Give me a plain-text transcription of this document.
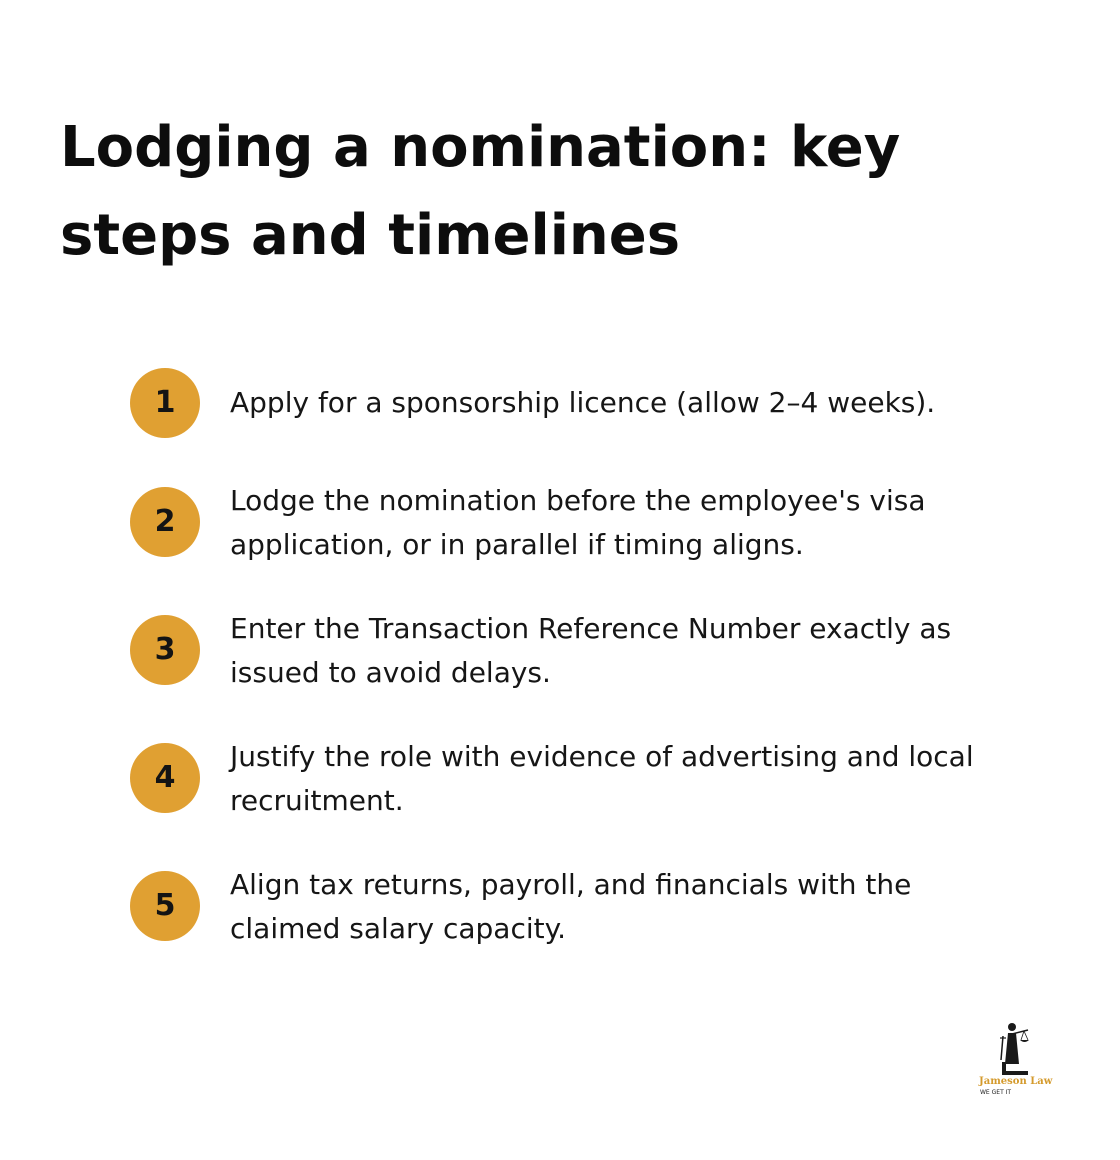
Lodging a nomination: key steps and timelines
1	Apply for a sponsorship licence (allow 2–4 weeks).

2

Lodge the nomination before the employee's visa application, or in parallel if timing aligns.

3

Enter the Transaction Reference Number exactly as issued to avoid delays.

4

Justify the role with evidence of advertising and local recruitment.

5

Align tax returns, payroll, and financials with the claimed salary capacity.

Jameson Law
WE GET IT
